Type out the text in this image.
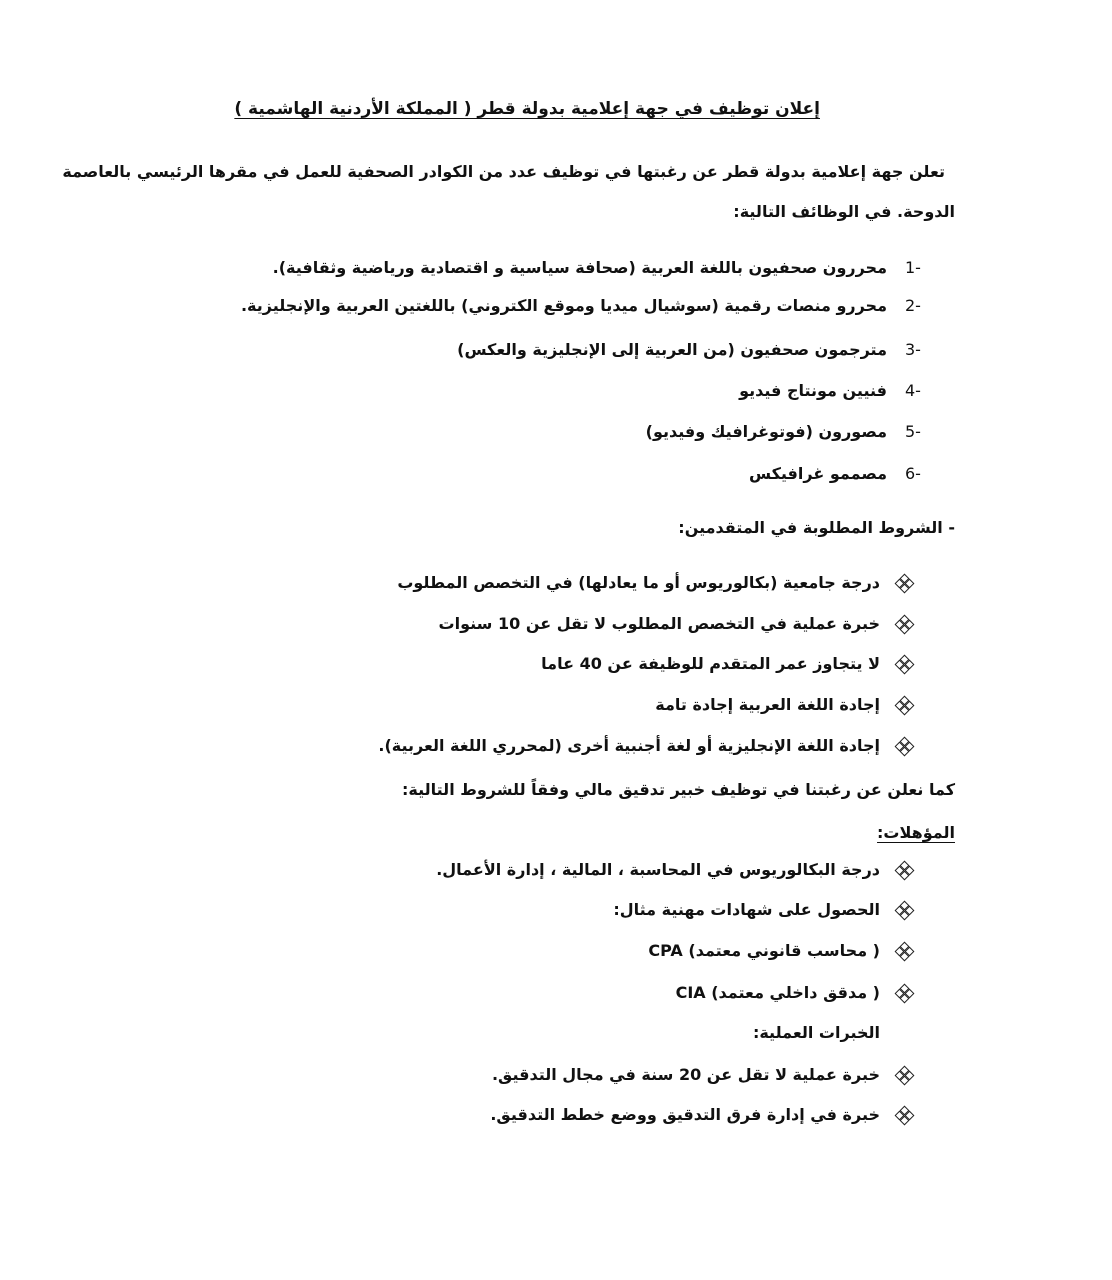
إعلان توظيف في جهة إعلامية بدولة قطر ( المملكة الأردنية الهاشمية )
تعلن جهة إعلامية بدولة قطر عن رغبتها في توظيف عدد من الكوادر الصحفية للعمل في مقرها الرئيسي بالعاصمة
الدوحة. في الوظائف التالية:
1-
محررون صحفيون باللغة العربية (صحافة سياسية و اقتصادية ورياضية وثقافية).
2-
محررو منصات رقمية (سوشيال ميديا وموقع الكتروني) باللغتين العربية والإنجليزية.
3-
مترجمون صحفيون (من العربية إلى الإنجليزية والعكس)
4-
فنيين مونتاج فيديو
5-
مصورون (فوتوغرافيك وفيديو)
6-
مصممو غرافيكس
- الشروط المطلوبة في المتقدمين:
درجة جامعية (بكالوريوس أو ما يعادلها) في التخصص المطلوب
خبرة عملية في التخصص المطلوب لا تقل عن 10 سنوات
لا يتجاوز عمر المتقدم للوظيفة عن 40 عاما
إجادة اللغة العربية إجادة تامة
إجادة اللغة الإنجليزية أو لغة أجنبية أخرى (لمحرري اللغة العربية).
كما نعلن عن رغبتنا في توظيف خبير تدقيق مالي وفقاً للشروط التالية:
المؤهلات:
درجة البكالوريوس في المحاسبة ، المالية ، إدارة الأعمال.
الحصول على شهادات مهنية مثال:
( محاسب قانوني معتمد) CPA
( مدقق داخلي معتمد) CIA
الخبرات العملية:
خبرة عملية لا تقل عن 20 سنة في مجال التدقيق.
خبرة في إدارة فرق التدقيق ووضع خطط التدقيق.
